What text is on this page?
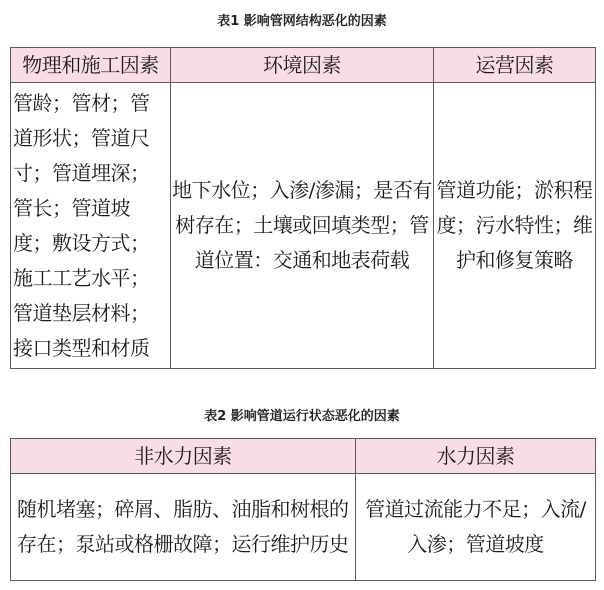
表1 影响管网结构恶化的因素
物理和施工因素	环境因素	运营因素
管龄；管材；管道形状；管道尺寸；管道埋深；管长；管道坡度；敷设方式；施工工艺水平；管道垫层材料；接口类型和材质	地下水位；入渗/渗漏；是否有树存在；土壤或回填类型；管道位置：交通和地表荷载	管道功能；淤积程度；污水特性；维护和修复策略
表2 影响管道运行状态恶化的因素
非水力因素	水力因素
随机堵塞；碎屑、脂肪、油脂和树根的存在；泵站或格栅故障；运行维护历史	管道过流能力不足；入流/入渗；管道坡度
